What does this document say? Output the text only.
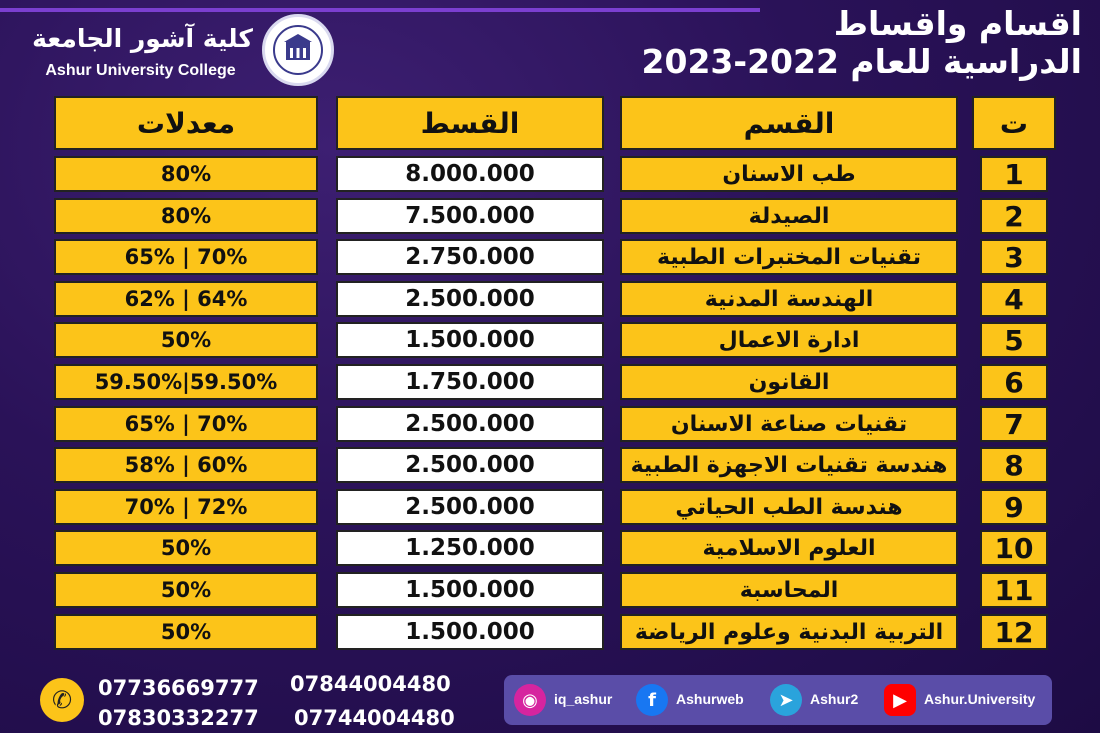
كلية آشور الجامعة
Ashur University College
اقسام واقساط
الدراسية للعام 2022-2023
معدلات	القسط	القسم	ت
80%	8.000.000	طب الاسنان	1
80%	7.500.000	الصيدلة	2
65% | 70%	2.750.000	تقنيات المختبرات الطبية	3
62% | 64%	2.500.000	الهندسة المدنية	4
50%	1.500.000	ادارة الاعمال	5
59.50%|59.50%	1.750.000	القانون	6
65% | 70%	2.500.000	تقنيات صناعة الاسنان	7
58% | 60%	2.500.000	هندسة تقنيات الاجهزة الطبية	8
70% | 72%	2.500.000	هندسة الطب الحياتي	9
50%	1.250.000	العلوم الاسلامية	10
50%	1.500.000	المحاسبة	11
50%	1.500.000	التربية البدنية وعلوم الرياضة	12
✆	07736669777 07844004480
07830332277 07744004480
◉	iq_ashur	f	Ashurweb	➤	Ashur2	▶	Ashur.University
